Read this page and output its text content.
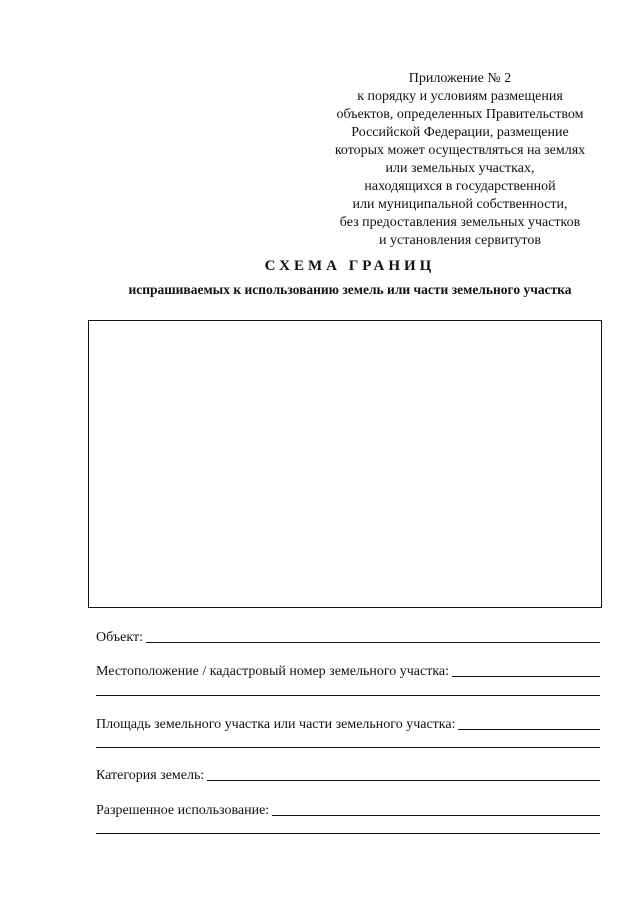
Приложение № 2
к порядку и условиям размещения
объектов, определенных Правительством
Российской Федерации, размещение
которых может осуществляться на землях
или земельных участках,
находящихся в государственной
или муниципальной собственности,
без предоставления земельных участков
и установления сервитутов
СХЕМА ГРАНИЦ
испрашиваемых к использованию земель или части земельного участка
Объект:
Местоположение / кадастровый номер земельного участка:
Площадь земельного участка или части земельного участка:
Категория земель:
Разрешенное использование:
